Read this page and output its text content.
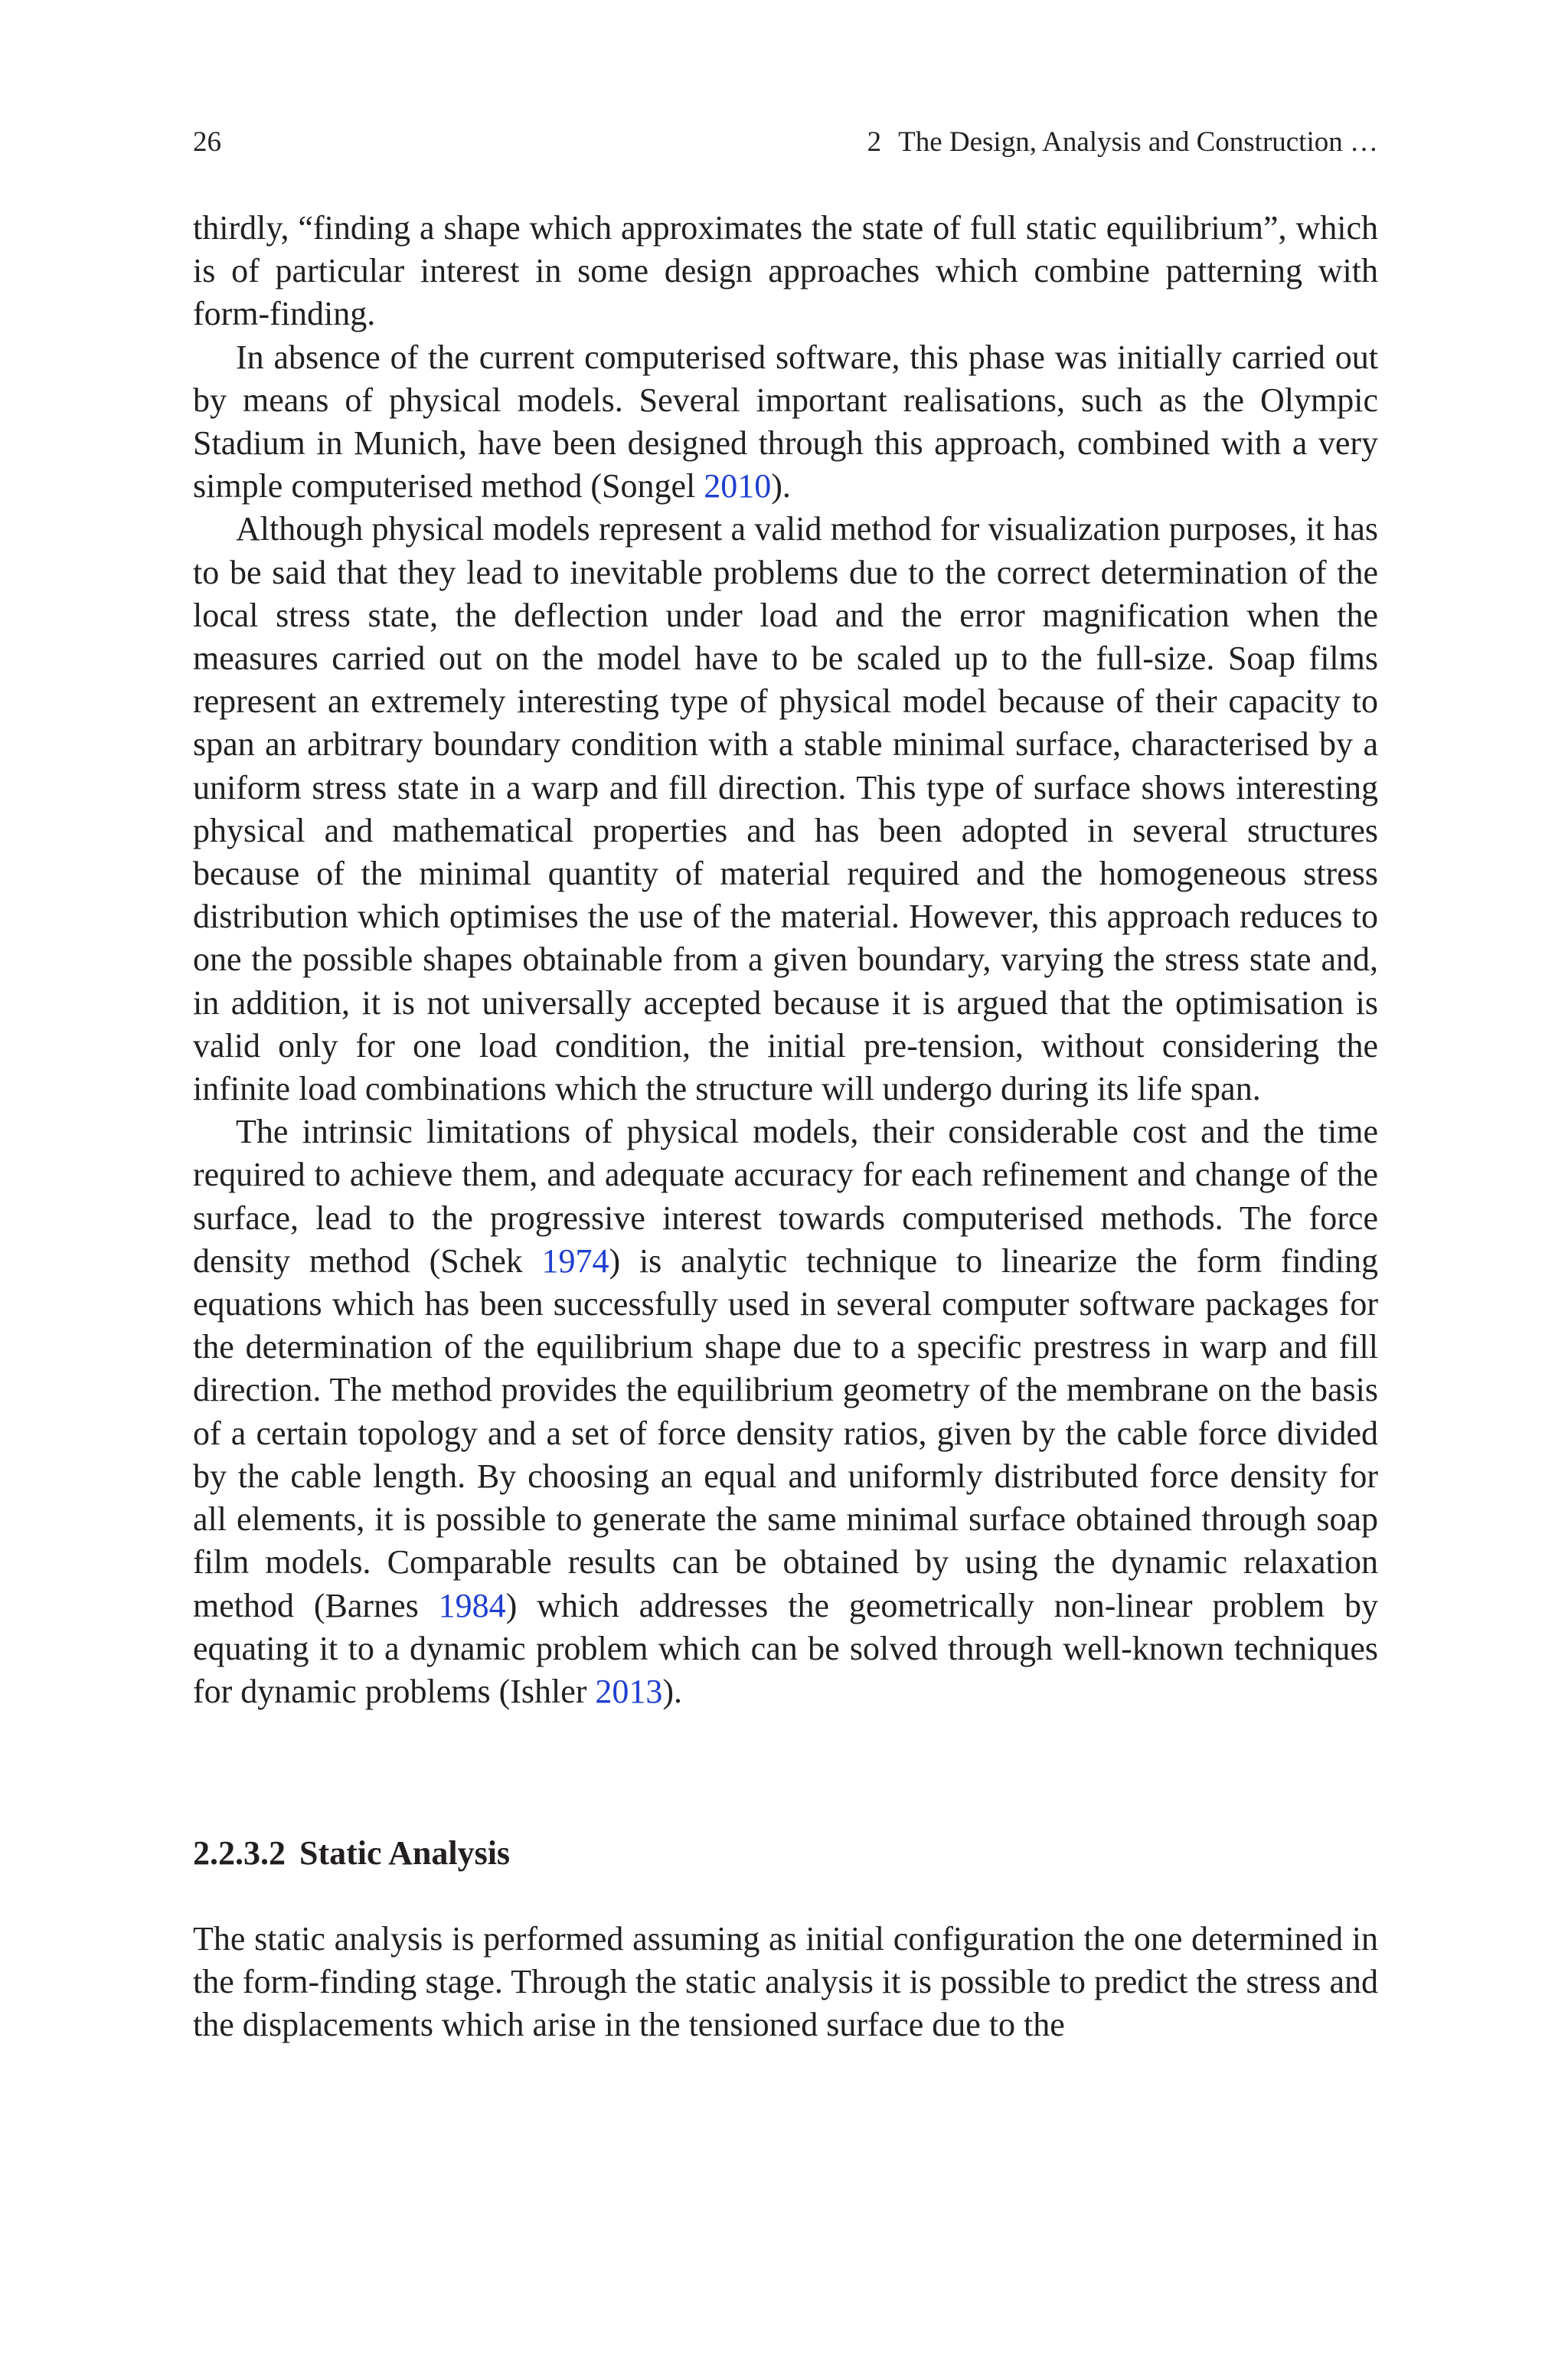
26	2 The Design, Analysis and Construction …

thirdly, “finding a shape which approximates the state of full static equilibrium”, which is of particular interest in some design approaches which combine patterning with form-finding.

In absence of the current computerised software, this phase was initially carried out by means of physical models. Several important realisations, such as the Olympic Stadium in Munich, have been designed through this approach, combined with a very simple computerised method (Songel 2010).

Although physical models represent a valid method for visualization purposes, it has to be said that they lead to inevitable problems due to the correct determination of the local stress state, the deflection under load and the error magnification when the measures carried out on the model have to be scaled up to the full-size. Soap films represent an extremely interesting type of physical model because of their capacity to span an arbitrary boundary condition with a stable minimal surface, characterised by a uniform stress state in a warp and fill direction. This type of surface shows interesting physical and mathematical properties and has been adopted in several structures because of the minimal quantity of material required and the homogeneous stress distribution which optimises the use of the material. However, this approach reduces to one the possible shapes obtainable from a given boundary, varying the stress state and, in addition, it is not universally accepted because it is argued that the optimisation is valid only for one load condition, the initial pre-tension, without considering the infinite load combinations which the structure will undergo during its life span.

The intrinsic limitations of physical models, their considerable cost and the time required to achieve them, and adequate accuracy for each refinement and change of the surface, lead to the progressive interest towards computerised methods. The force density method (Schek 1974) is analytic technique to linearize the form finding equations which has been successfully used in several computer software packages for the determination of the equilibrium shape due to a specific prestress in warp and fill direction. The method provides the equilibrium geometry of the membrane on the basis of a certain topology and a set of force density ratios, given by the cable force divided by the cable length. By choosing an equal and uniformly distributed force density for all elements, it is possible to generate the same minimal surface obtained through soap film models. Comparable results can be obtained by using the dynamic relaxation method (Barnes 1984) which addresses the geometrically non-linear problem by equating it to a dynamic problem which can be solved through well-known techniques for dynamic problems (Ishler 2013).

2.2.3.2 Static Analysis

The static analysis is performed assuming as initial configuration the one determined in the form-finding stage. Through the static analysis it is possible to predict the stress and the displacements which arise in the tensioned surface due to the
